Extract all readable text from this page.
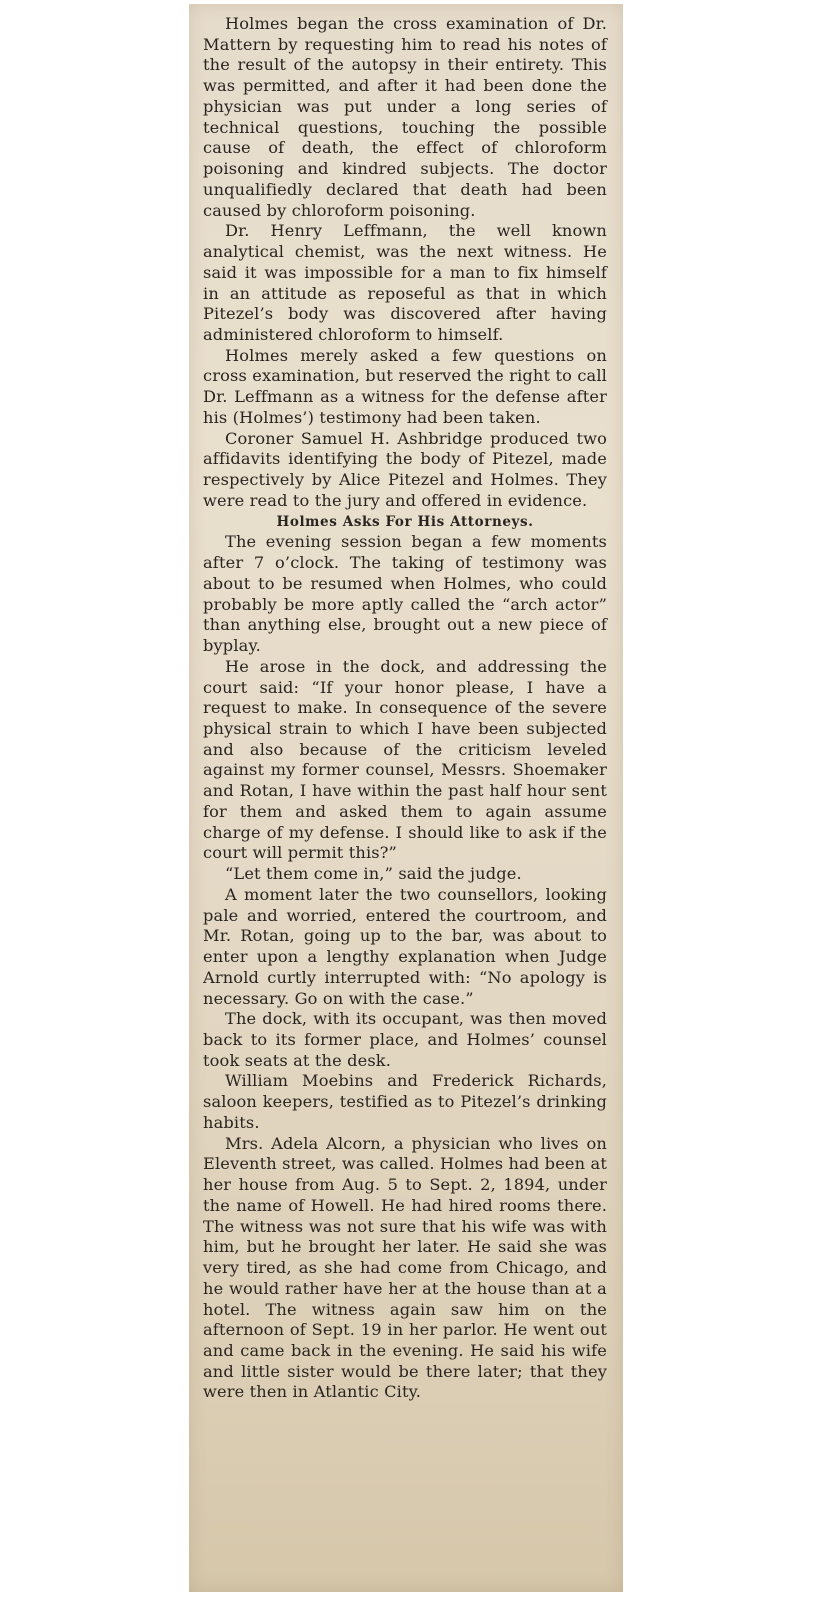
Holmes began the cross examination of Dr. Mattern by requesting him to read his notes of the result of the autopsy in their entirety. This was permitted, and after it had been done the physician was put under a long series of technical questions, touching the possible cause of death, the effect of chloroform poisoning and kindred subjects. The doctor unqualifiedly declared that death had been caused by chloroform poisoning.

Dr. Henry Leffmann, the well known analytical chemist, was the next witness. He said it was impossible for a man to fix himself in an attitude as reposeful as that in which Pitezel’s body was discovered after having administered chloroform to himself.

Holmes merely asked a few questions on cross examination, but reserved the right to call Dr. Leffmann as a witness for the defense after his (Holmes’) testimony had been taken.

Coroner Samuel H. Ashbridge produced two affidavits identifying the body of Pitezel, made respectively by Alice Pitezel and Holmes. They were read to the jury and offered in evidence.

Holmes Asks For His Attorneys.

The evening session began a few moments after 7 o’clock. The taking of testimony was about to be resumed when Holmes, who could probably be more aptly called the “arch actor” than anything else, brought out a new piece of byplay.

He arose in the dock, and addressing the court said: “If your honor please, I have a request to make. In consequence of the severe physical strain to which I have been subjected and also because of the criticism leveled against my former counsel, Messrs. Shoemaker and Rotan, I have within the past half hour sent for them and asked them to again assume charge of my defense. I should like to ask if the court will permit this?”

“Let them come in,” said the judge.

A moment later the two counsellors, looking pale and worried, entered the courtroom, and Mr. Rotan, going up to the bar, was about to enter upon a lengthy explanation when Judge Arnold curtly interrupted with: “No apology is necessary. Go on with the case.”

The dock, with its occupant, was then moved back to its former place, and Holmes’ counsel took seats at the desk.

William Moebins and Frederick Richards, saloon keepers, testified as to Pitezel’s drinking habits.

Mrs. Adela Alcorn, a physician who lives on Eleventh street, was called. Holmes had been at her house from Aug. 5 to Sept. 2, 1894, under the name of Howell. He had hired rooms there. The witness was not sure that his wife was with him, but he brought her later. He said she was very tired, as she had come from Chicago, and he would rather have her at the house than at a hotel. The witness again saw him on the afternoon of Sept. 19 in her parlor. He went out and came back in the evening. He said his wife and little sister would be there later; that they were then in Atlantic City.
